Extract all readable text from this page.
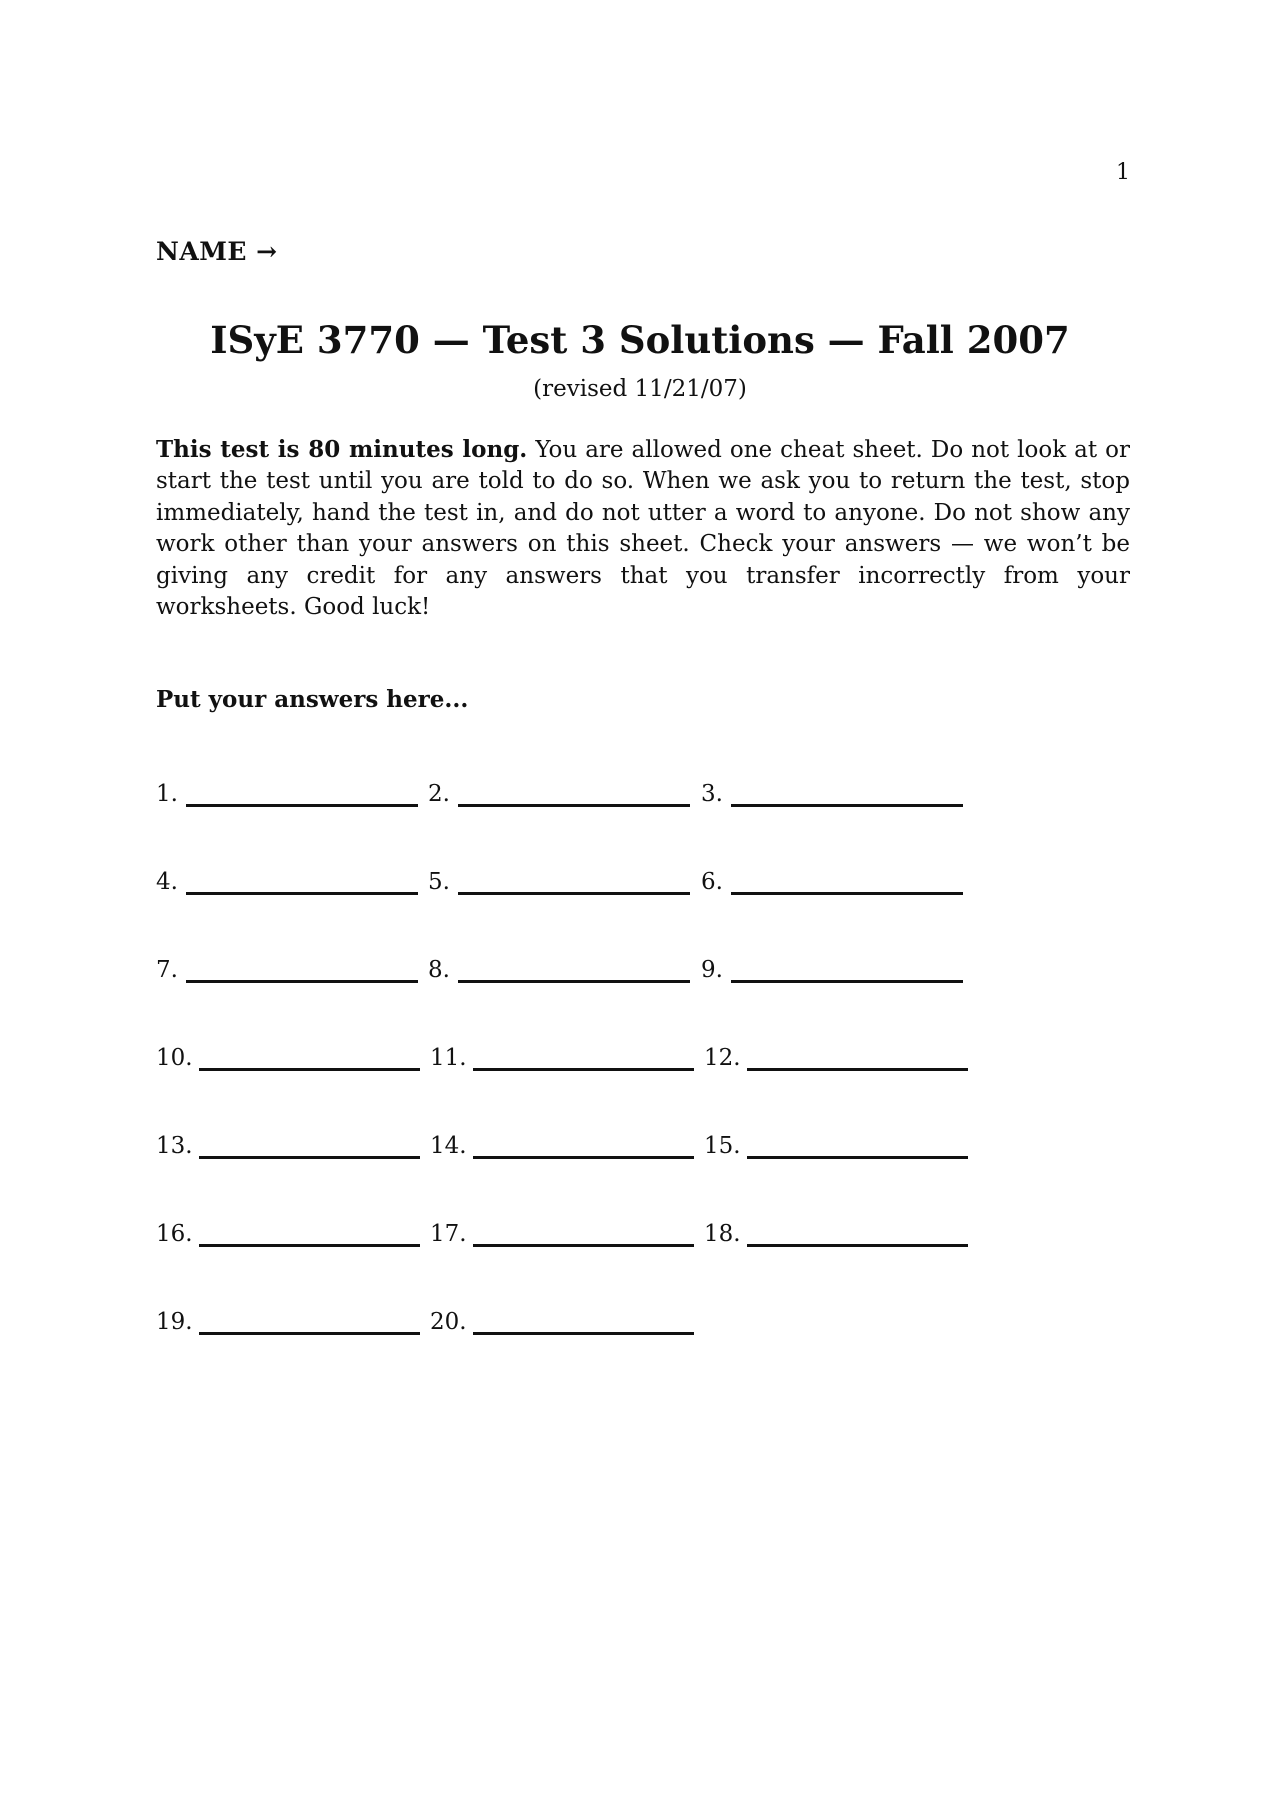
1
NAME →
ISyE 3770 — Test 3 Solutions — Fall 2007
(revised 11/21/07)
This test is 80 minutes long. You are allowed one cheat sheet. Do not look at or start the test until you are told to do so. When we ask you to return the test, stop immediately, hand the test in, and do not utter a word to anyone. Do not show any work other than your answers on this sheet. Check your answers — we won’t be giving any credit for any answers that you transfer incorrectly from your worksheets. Good luck!
Put your answers here...
1.	2.	3.
4.	5.	6.
7.	8.	9.
10.	11.	12.
13.	14.	15.
16.	17.	18.
19.	20.
